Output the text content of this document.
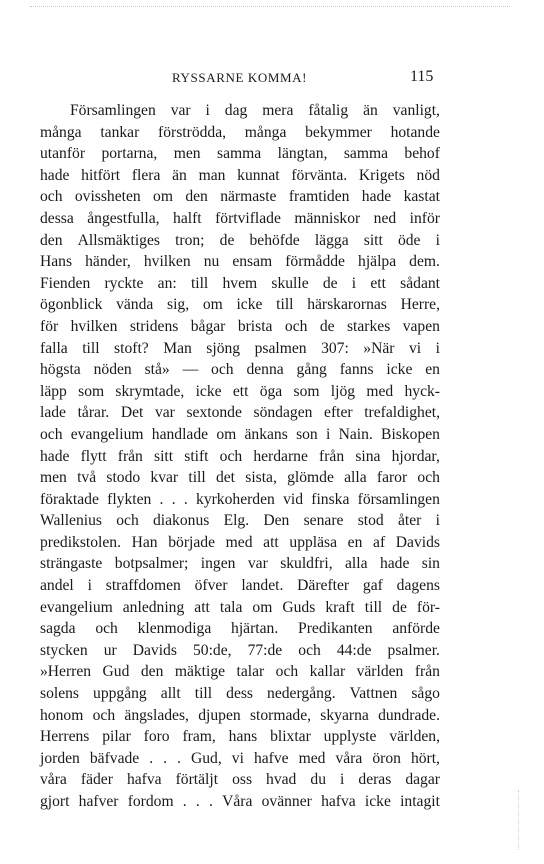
RYSSARNE KOMMA!	115
Församlingen var i dag mera fåtalig än vanligt,
många tankar förströdda, många bekymmer hotande
utanför portarna, men samma längtan, samma behof
hade hitfört flera än man kunnat förvänta. Krigets nöd
och ovissheten om den närmaste framtiden hade kastat
dessa ångestfulla, halft förtviflade människor ned inför
den Allsmäktiges tron; de behöfde lägga sitt öde i
Hans händer, hvilken nu ensam förmådde hjälpa dem.
Fienden ryckte an: till hvem skulle de i ett sådant
ögonblick vända sig, om icke till härskarornas Herre,
för hvilken stridens bågar brista och de starkes vapen
falla till stoft? Man sjöng psalmen 307: »När vi i
högsta nöden stå» — och denna gång fanns icke en
läpp som skrymtade, icke ett öga som ljög med hyck-
lade tårar. Det var sextonde söndagen efter trefaldighet,
och evangelium handlade om änkans son i Nain. Biskopen
hade flytt från sitt stift och herdarne från sina hjordar,
men två stodo kvar till det sista, glömde alla faror och
föraktade flykten . . . kyrkoherden vid finska församlingen
Wallenius och diakonus Elg. Den senare stod åter i
predikstolen. Han började med att uppläsa en af Davids
strängaste botpsalmer; ingen var skuldfri, alla hade sin
andel i straffdomen öfver landet. Därefter gaf dagens
evangelium anledning att tala om Guds kraft till de för-
sagda och klenmodiga hjärtan. Predikanten anförde
stycken ur Davids 50:de, 77:de och 44:de psalmer.
»Herren Gud den mäktige talar och kallar världen från
solens uppgång allt till dess nedergång. Vattnen sågo
honom och ängslades, djupen stormade, skyarna dundrade.
Herrens pilar foro fram, hans blixtar upplyste världen,
jorden bäfvade . . . Gud, vi hafve med våra öron hört,
våra fäder hafva förtäljt oss hvad du i deras dagar
gjort hafver fordom . . . Våra ovänner hafva icke intagit
